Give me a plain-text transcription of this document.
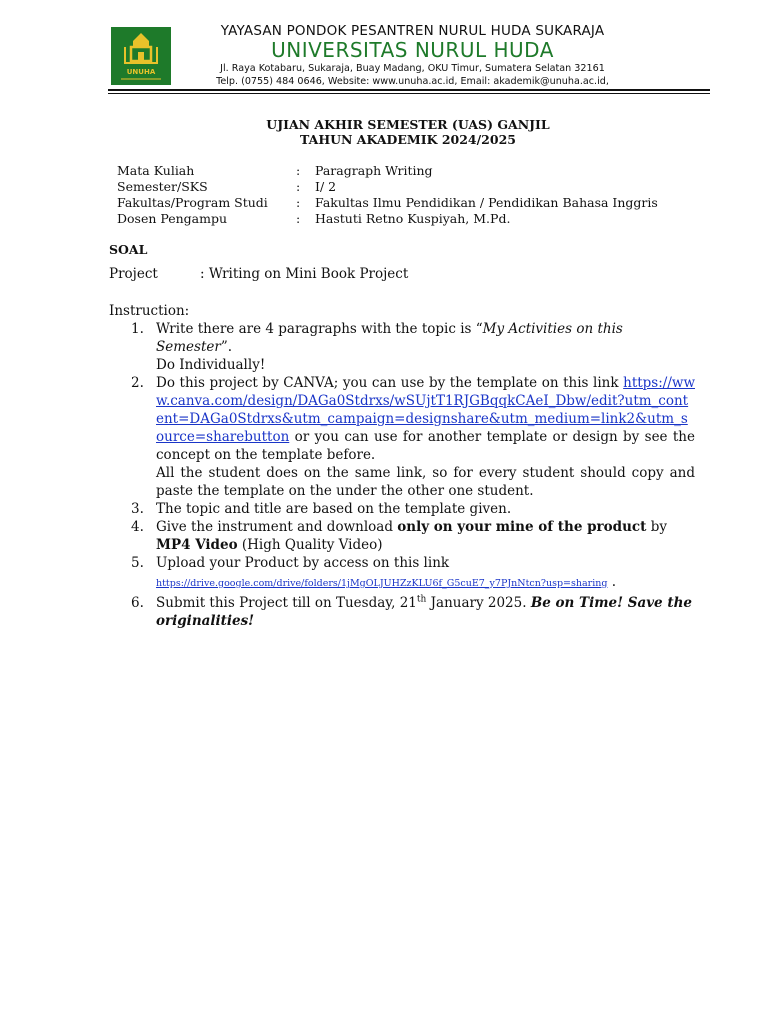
UNUHA
YAYASAN PONDOK PESANTREN NURUL HUDA SUKARAJA
UNIVERSITAS NURUL HUDA
Jl. Raya Kotabaru, Sukaraja, Buay Madang, OKU Timur, Sumatera Selatan 32161
Telp. (0755) 484 0646, Website: www.unuha.ac.id, Email: akademik@unuha.ac.id,
UJIAN AKHIR SEMESTER (UAS) GANJIL
TAHUN AKADEMIK 2024/2025
Mata Kuliah	: Paragraph Writing
Semester/SKS	: I/ 2
Fakultas/Program Studi : Fakultas Ilmu Pendidikan / Pendidikan Bahasa Inggris
Dosen Pengampu	: Hastuti Retno Kuspiyah, M.Pd.
SOAL
Project	: Writing on Mini Book Project
Instruction:
1. Write there are 4 paragraphs with the topic is “My Activities on this Semester”.
Do Individually!
2. Do this project by CANVA; you can use by the template on this link https://www.canva.com/design/DAGa0Stdrxs/wSUjtT1RJGBqqkCAeI_Dbw/edit?utm_content=DAGa0Stdrxs&utm_campaign=designshare&utm_medium=link2&utm_source=sharebutton or you can use for another template or design by see the concept on the template before.
All the student does on the same link, so for every student should copy and paste the template on the under the other one student.
3. The topic and title are based on the template given.
4. Give the instrument and download only on your mine of the product by MP4 Video (High Quality Video)
5. Upload your Product by access on this link
https://drive.google.com/drive/folders/1jMgOLJUHZzKLU6f_G5cuE7_y7PJnNtcn?usp=sharing .
6. Submit this Project till on Tuesday, 21th January 2025. Be on Time! Save the originalities!
